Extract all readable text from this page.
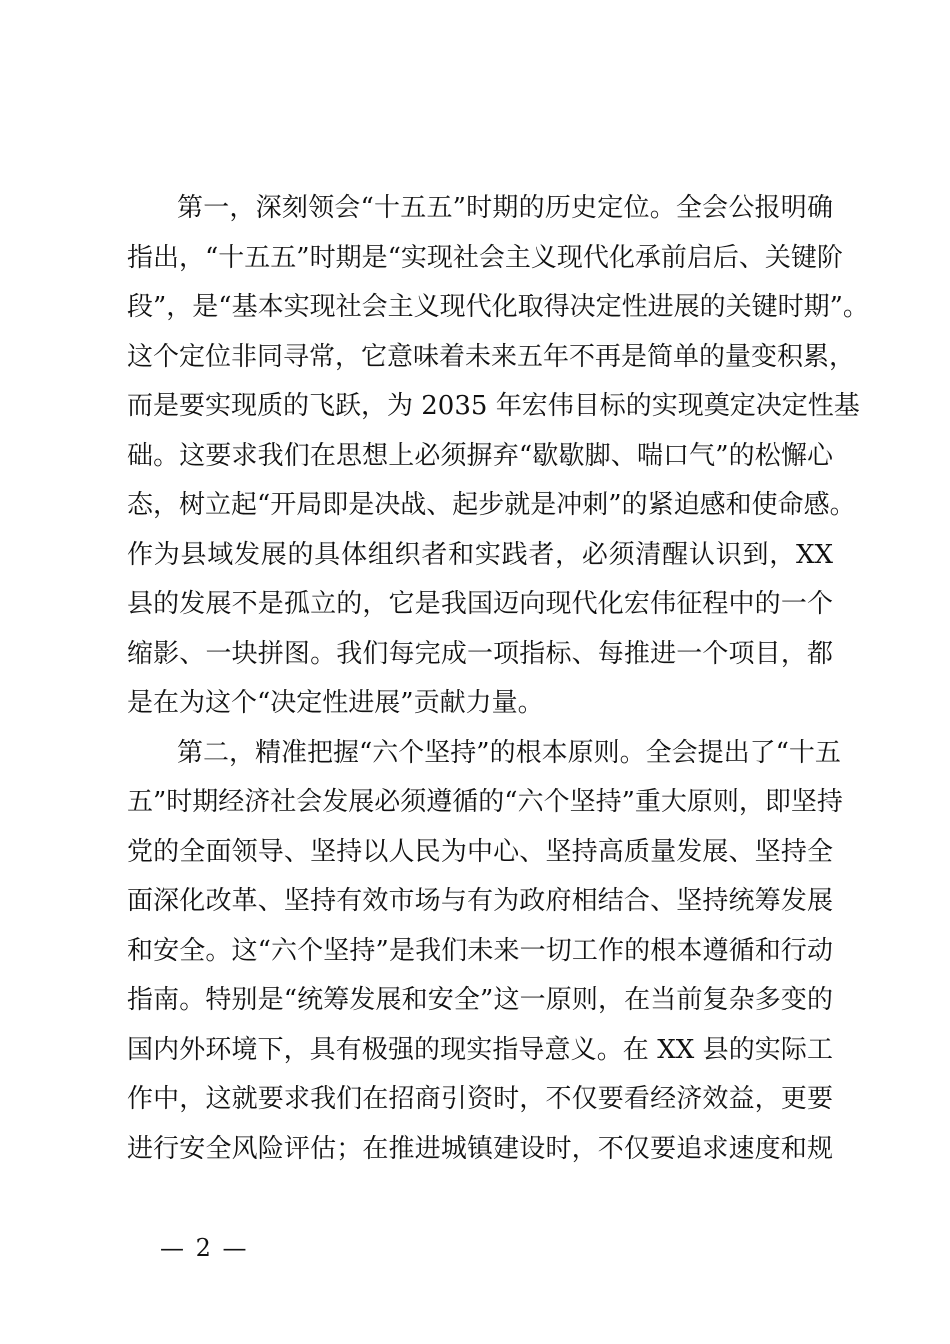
第一，深刻领会“十五五”时期的历史定位。全会公报明确
指出，“十五五”时期是“实现社会主义现代化承前启后、关键阶
段”，是“基本实现社会主义现代化取得决定性进展的关键时期”。
这个定位非同寻常，它意味着未来五年不再是简单的量变积累，
而是要实现质的飞跃，为 2035 年宏伟目标的实现奠定决定性基
础。这要求我们在思想上必须摒弃“歇歇脚、喘口气”的松懈心
态，树立起“开局即是决战、起步就是冲刺”的紧迫感和使命感。
作为县域发展的具体组织者和实践者，必须清醒认识到，XX
县的发展不是孤立的，它是我国迈向现代化宏伟征程中的一个
缩影、一块拼图。我们每完成一项指标、每推进一个项目，都
是在为这个“决定性进展”贡献力量。
第二，精准把握“六个坚持”的根本原则。全会提出了“十五
五”时期经济社会发展必须遵循的“六个坚持”重大原则，即坚持
党的全面领导、坚持以人民为中心、坚持高质量发展、坚持全
面深化改革、坚持有效市场与有为政府相结合、坚持统筹发展
和安全。这“六个坚持”是我们未来一切工作的根本遵循和行动
指南。特别是“统筹发展和安全”这一原则，在当前复杂多变的
国内外环境下，具有极强的现实指导意义。在 XX 县的实际工
作中，这就要求我们在招商引资时，不仅要看经济效益，更要
进行安全风险评估；在推进城镇建设时，不仅要追求速度和规
— 2 —
